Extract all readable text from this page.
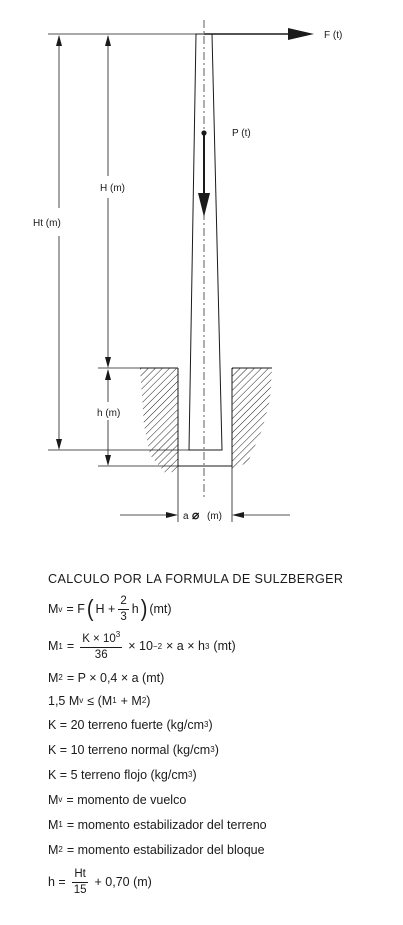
F (t)
P (t)
Ht (m)
H (m)
h (m)
a ⌀ (m)
CALCULO POR LA FORMULA DE SULZBERGER
M v = F ( $H + \frac{2}{3}$ h ) (mt)
M $1 = \frac{K \times 10^3}{36} \times 10 -2 \times a \times h$ 3 (mt)
M 2 = P × 0,4 × a (mt)
1,5 M v ≤ (M 1 + M 2 )
K = 20 terreno fuerte (kg/cm 3 )
K = 10 terreno normal (kg/cm 3 )
K = 5 terreno flojo (kg/cm 3 )
M v = momento de vuelco
M 1 = momento estabilizador del terreno
M 2 = momento estabilizador del bloque
$h = \frac{Ht}{15} + 0,70$ (m)
